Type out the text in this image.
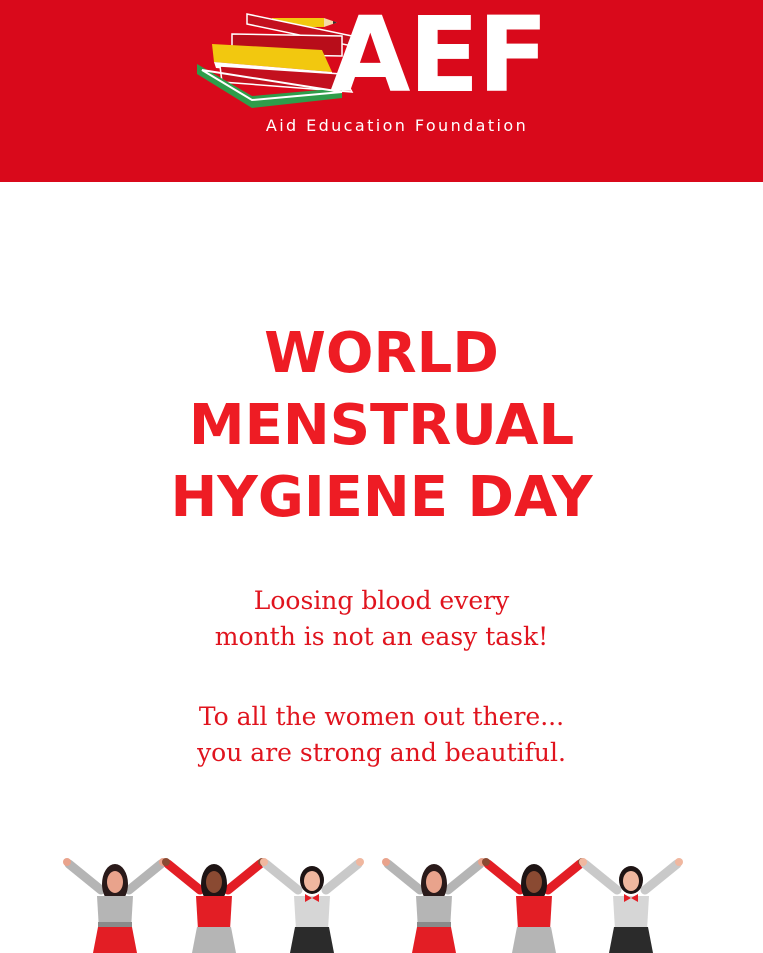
AEF
Aid Education Foundation
WORLD
MENSTRUAL
HYGIENE DAY
Loosing blood every
month is not an easy task!
To all the women out there...
you are strong and beautiful.
